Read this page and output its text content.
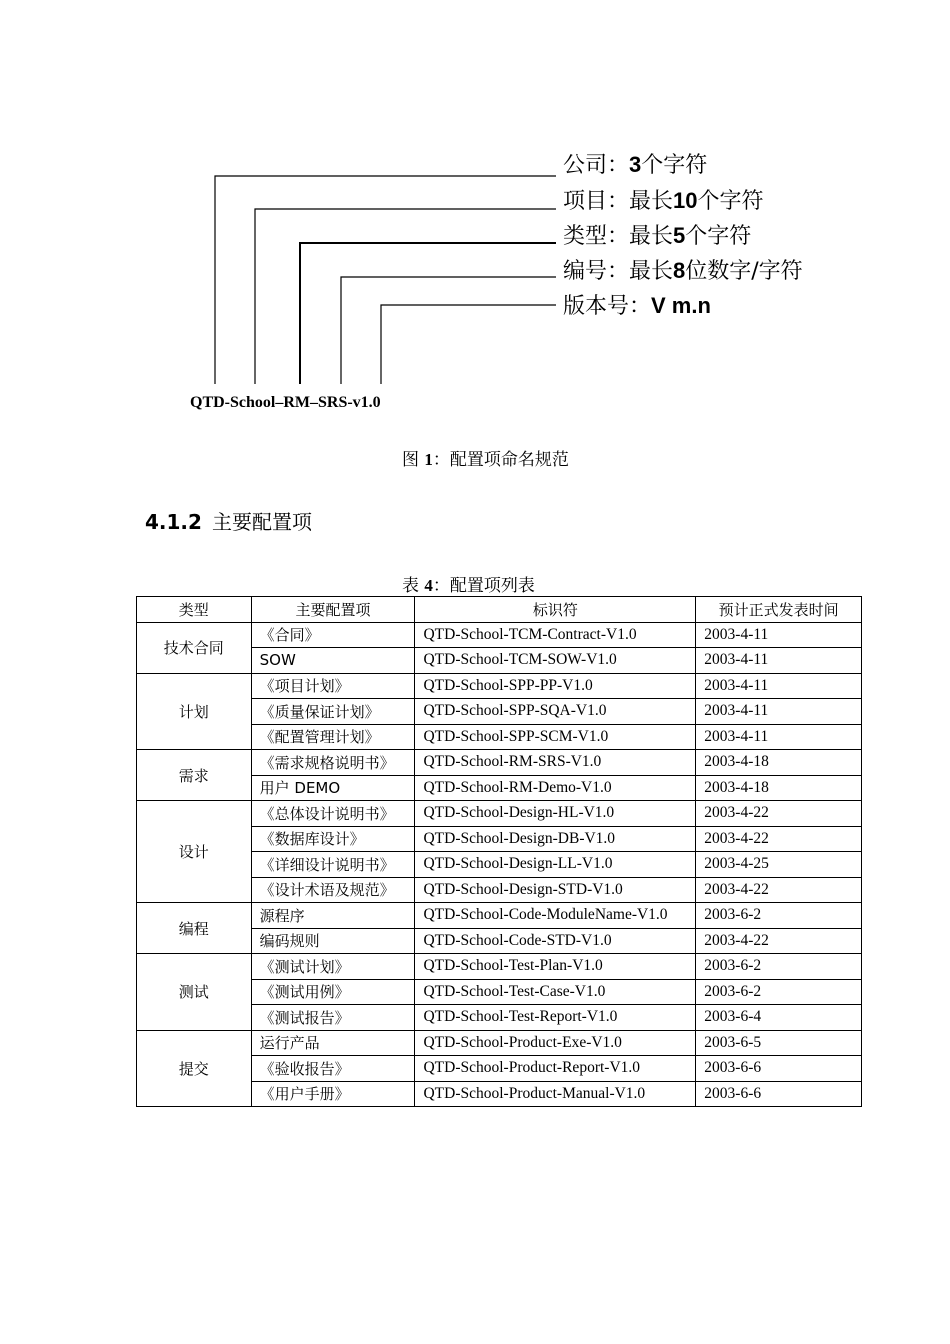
公司：3个字符
项目：最长10个字符
类型：最长5个字符
编号：最长8位数字/字符
版本号：V m.n
QTD-School–RM–SRS-v1.0
图 1：配置项命名规范
4.1.2 主要配置项
表 4：配置项列表
类型	主要配置项	标识符	预计正式发表时间
技术合同	《合同》	QTD-School-TCM-Contract-V1.0	2003-4-11
	SOW	QTD-School-TCM-SOW-V1.0	2003-4-11
计划	《项目计划》	QTD-School-SPP-PP-V1.0	2003-4-11
	《质量保证计划》	QTD-School-SPP-SQA-V1.0	2003-4-11
	《配置管理计划》	QTD-School-SPP-SCM-V1.0	2003-4-11
需求	《需求规格说明书》	QTD-School-RM-SRS-V1.0	2003-4-18
	用户 DEMO	QTD-School-RM-Demo-V1.0	2003-4-18
设计	《总体设计说明书》	QTD-School-Design-HL-V1.0	2003-4-22
	《数据库设计》	QTD-School-Design-DB-V1.0	2003-4-22
	《详细设计说明书》	QTD-School-Design-LL-V1.0	2003-4-25
	《设计术语及规范》	QTD-School-Design-STD-V1.0	2003-4-22
编程	源程序	QTD-School-Code-ModuleName-V1.0	2003-6-2
	编码规则	QTD-School-Code-STD-V1.0	2003-4-22
测试	《测试计划》	QTD-School-Test-Plan-V1.0	2003-6-2
	《测试用例》	QTD-School-Test-Case-V1.0	2003-6-2
	《测试报告》	QTD-School-Test-Report-V1.0	2003-6-4
提交	运行产品	QTD-School-Product-Exe-V1.0	2003-6-5
	《验收报告》	QTD-School-Product-Report-V1.0	2003-6-6
	《用户手册》	QTD-School-Product-Manual-V1.0	2003-6-6
